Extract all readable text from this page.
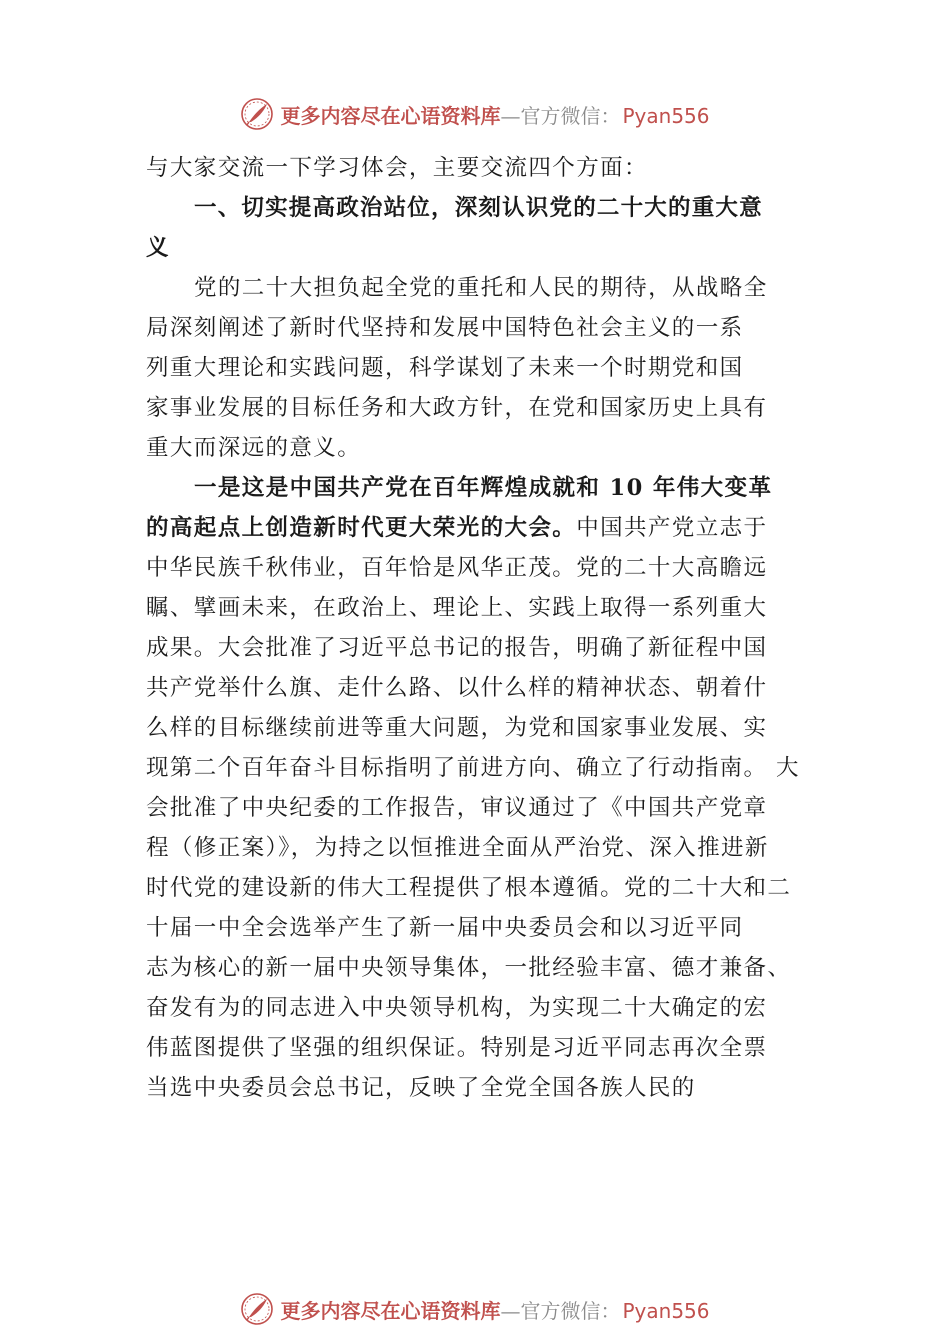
更多内容尽在心语资料库 — 官方微信： Pyan556

与大家交流一下学习体会，主要交流四个方面：

一、切实提高政治站位，深刻认识党的二十大的重大意
义

党的二十大担负起全党的重托和人民的期待，从战略全
局深刻阐述了新时代坚持和发展中国特色社会主义的一系
列重大理论和实践问题，科学谋划了未来一个时期党和国
家事业发展的目标任务和大政方针，在党和国家历史上具有
重大而深远的意义。

一是这是中国共产党在百年辉煌成就和 10 年伟大变革
的高起点上创造新时代更大荣光的大会。中国共产党立志于
中华民族千秋伟业，百年恰是风华正茂。党的二十大高瞻远
瞩、擘画未来，在政治上、理论上、实践上取得一系列重大
成果。大会批准了习近平总书记的报告，明确了新征程中国
共产党举什么旗、走什么路、以什么样的精神状态、朝着什
么样的目标继续前进等重大问题，为党和国家事业发展、实
现第二个百年奋斗目标指明了前进方向、确立了行动指南。 大
会批准了中央纪委的工作报告，审议通过了《中国共产党章
程（修正案）》，为持之以恒推进全面从严治党、深入推进新
时代党的建设新的伟大工程提供了根本遵循。党的二十大和二
十届一中全会选举产生了新一届中央委员会和以习近平同
志为核心的新一届中央领导集体，一批经验丰富、德才兼备、
奋发有为的同志进入中央领导机构，为实现二十大确定的宏
伟蓝图提供了坚强的组织保证。特别是习近平同志再次全票
当选中央委员会总书记，反映了全党全国各族人民的

更多内容尽在心语资料库 — 官方微信： Pyan556
